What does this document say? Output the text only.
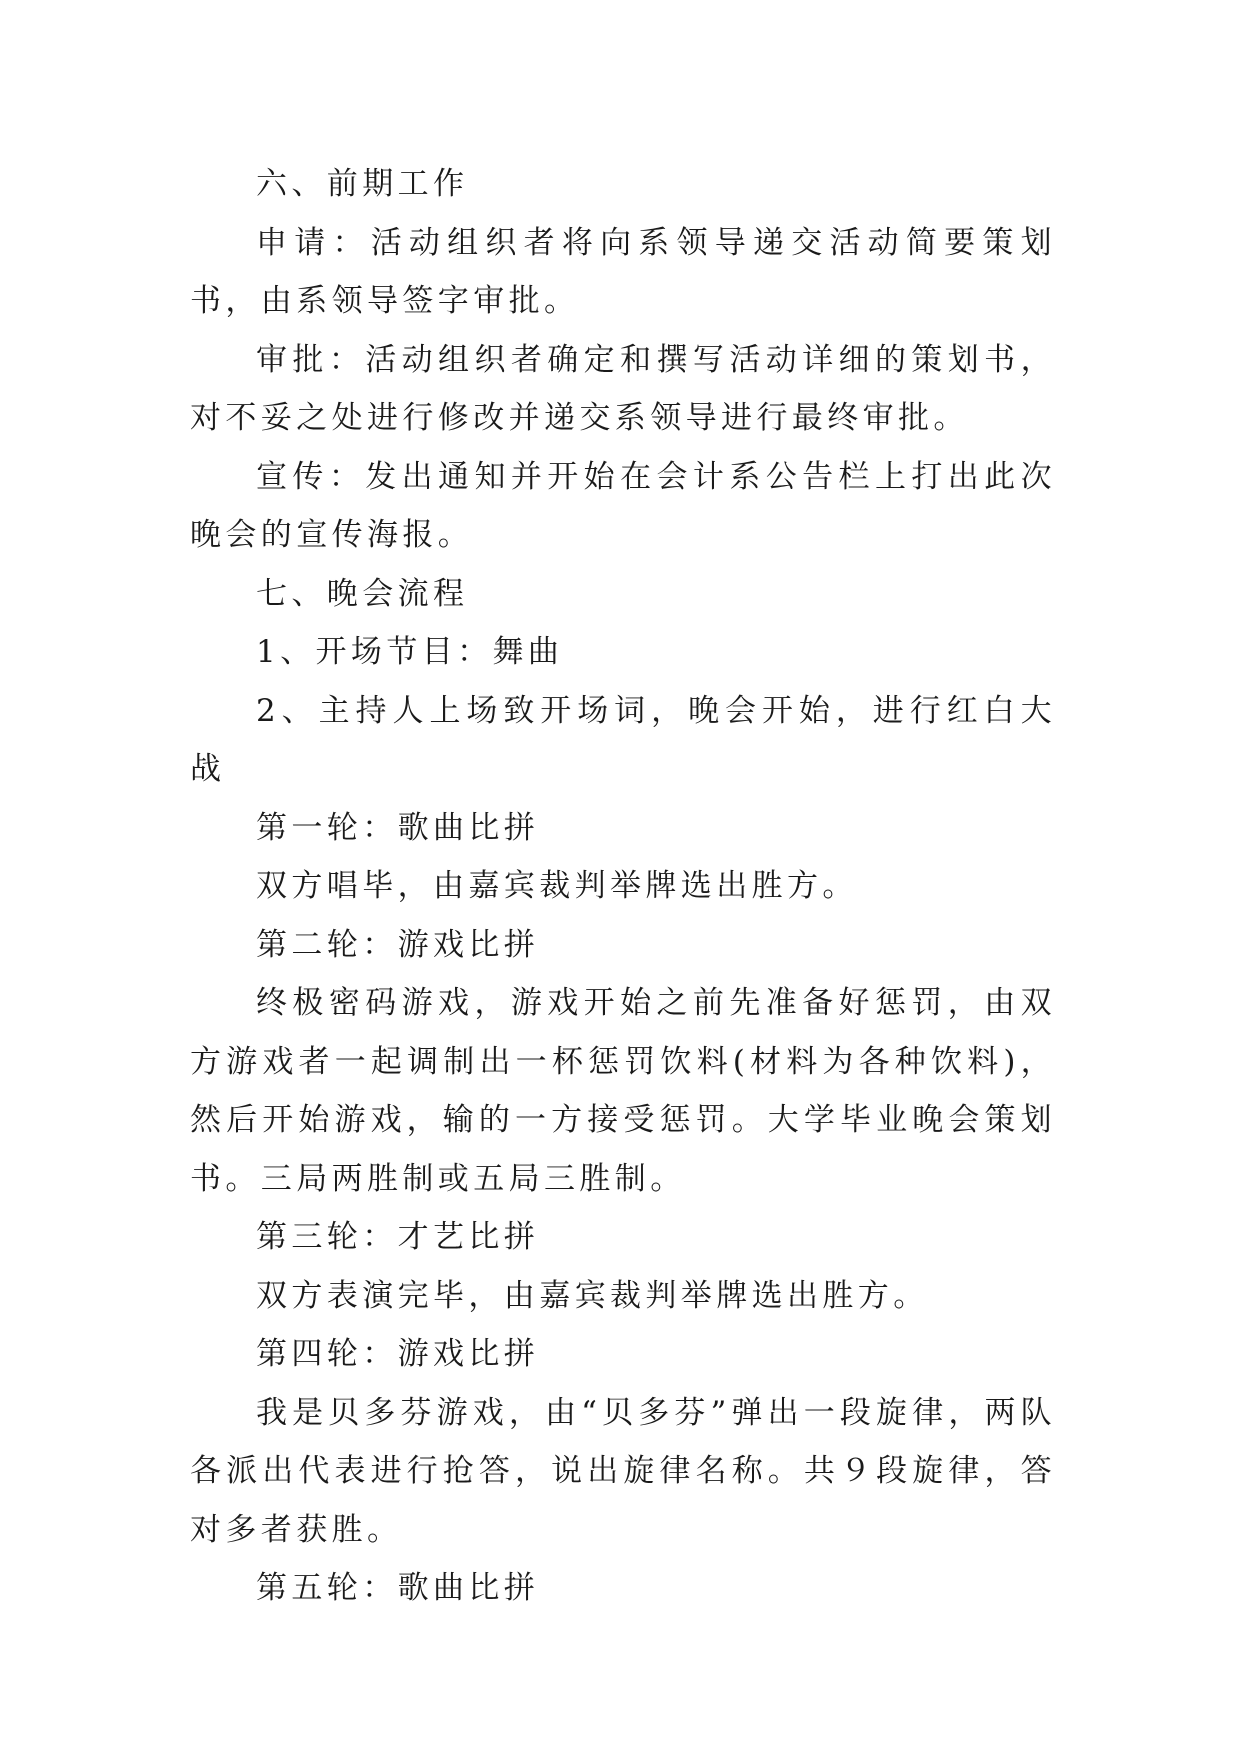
六、前期工作

申请：活动组织者将向系领导递交活动简要策划书，由系领导签字审批。

审批：活动组织者确定和撰写活动详细的策划书，对不妥之处进行修改并递交系领导进行最终审批。

宣传：发出通知并开始在会计系公告栏上打出此次晚会的宣传海报。

七、晚会流程

1、开场节目：舞曲

2、主持人上场致开场词，晚会开始，进行红白大战

第一轮：歌曲比拼

双方唱毕，由嘉宾裁判举牌选出胜方。

第二轮：游戏比拼

终极密码游戏，游戏开始之前先准备好惩罚，由双方游戏者一起调制出一杯惩罚饮料(材料为各种饮料)，然后开始游戏，输的一方接受惩罚。大学毕业晚会策划书。三局两胜制或五局三胜制。

第三轮：才艺比拼

双方表演完毕，由嘉宾裁判举牌选出胜方。

第四轮：游戏比拼

我是贝多芬游戏，由“贝多芬”弹出一段旋律，两队各派出代表进行抢答，说出旋律名称。共９段旋律，答对多者获胜。

第五轮：歌曲比拼
